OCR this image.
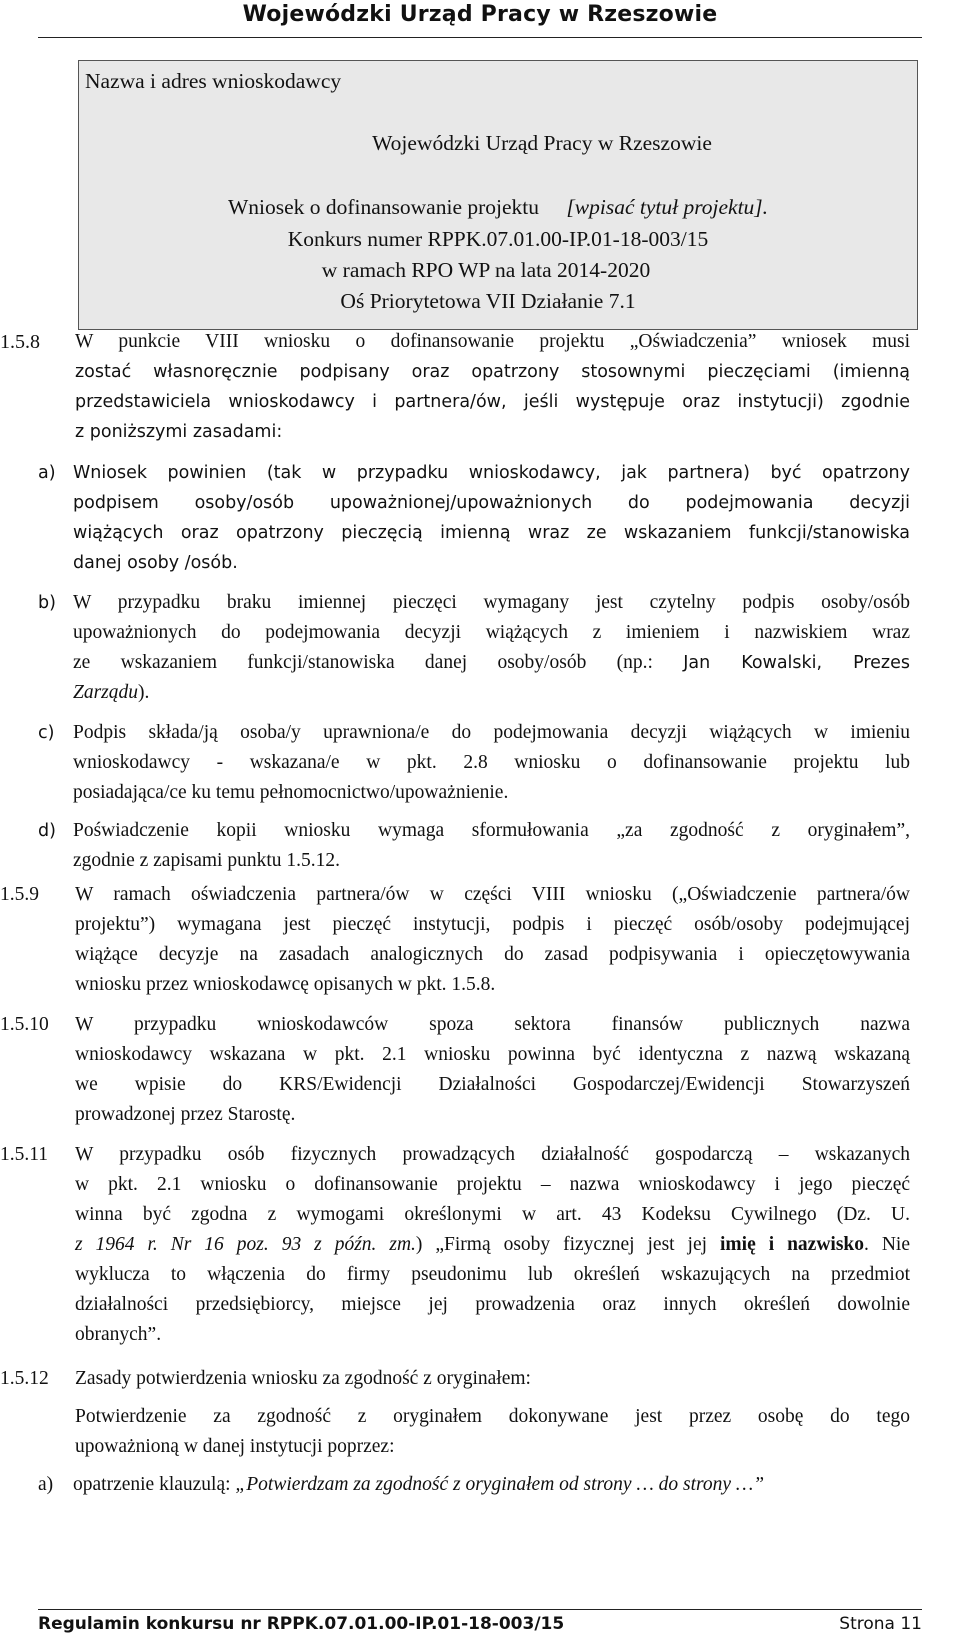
Wojewódzki Urząd Pracy w Rzeszowie
Nazwa i adres wnioskodawcy
Wojewódzki Urząd Pracy w Rzeszowie
Wniosek o dofinansowanie projektu [wpisać tytuł projektu].
Konkurs numer RPPK.07.01.00-IP.01-18-003/15
w ramach RPO WP na lata 2014-2020
Oś Priorytetowa VII Działanie 7.1
1.5.8 W punkcie VIII wniosku o dofinansowanie projektu „Oświadczenia” wniosek musi
zostać własnoręcznie podpisany oraz opatrzony stosownymi pieczęciami (imienną
przedstawiciela wnioskodawcy i partnera/ów, jeśli występuje oraz instytucji) zgodnie
z poniższymi zasadami:
a) Wniosek powinien (tak w przypadku wnioskodawcy, jak partnera) być opatrzony
podpisem osoby/osób upoważnionej/upoważnionych do podejmowania decyzji
wiążących oraz opatrzony pieczęcią imienną wraz ze wskazaniem funkcji/stanowiska
danej osoby /osób.
b) W przypadku braku imiennej pieczęci wymagany jest czytelny podpis osoby/osób
upoważnionych do podejmowania decyzji wiążących z imieniem i nazwiskiem wraz
ze wskazaniem funkcji/stanowiska danej osoby/osób (np.: Jan Kowalski, Prezes
Zarządu).
c) Podpis składa/ją osoba/y uprawniona/e do podejmowania decyzji wiążących w imieniu
wnioskodawcy - wskazana/e w pkt. 2.8 wniosku o dofinansowanie projektu lub
posiadająca/ce ku temu pełnomocnictwo/upoważnienie.
d) Poświadczenie kopii wniosku wymaga sformułowania „za zgodność z oryginałem”,
zgodnie z zapisami punktu 1.5.12.
1.5.9 W ramach oświadczenia partnera/ów w części VIII wniosku („Oświadczenie partnera/ów
projektu”) wymagana jest pieczęć instytucji, podpis i pieczęć osób/osoby podejmującej
wiążące decyzje na zasadach analogicznych do zasad podpisywania i opieczętowywania
wniosku przez wnioskodawcę opisanych w pkt. 1.5.8.
1.5.10 W przypadku wnioskodawców spoza sektora finansów publicznych nazwa
wnioskodawcy wskazana w pkt. 2.1 wniosku powinna być identyczna z nazwą wskazaną
we wpisie do KRS/Ewidencji Działalności Gospodarczej/Ewidencji Stowarzyszeń
prowadzonej przez Starostę.
1.5.11 W przypadku osób fizycznych prowadzących działalność gospodarczą – wskazanych
w pkt. 2.1 wniosku o dofinansowanie projektu – nazwa wnioskodawcy i jego pieczęć
winna być zgodna z wymogami określonymi w art. 43 Kodeksu Cywilnego (Dz. U.
z 1964 r. Nr 16 poz. 93 z późn. zm.) „Firmą osoby fizycznej jest jej imię i nazwisko. Nie
wyklucza to włączenia do firmy pseudonimu lub określeń wskazujących na przedmiot
działalności przedsiębiorcy, miejsce jej prowadzenia oraz innych określeń dowolnie
obranych”.
1.5.12 Zasady potwierdzenia wniosku za zgodność z oryginałem:
Potwierdzenie za zgodność z oryginałem dokonywane jest przez osobę do tego
upoważnioną w danej instytucji poprzez:
a) opatrzenie klauzulą: „Potwierdzam za zgodność z oryginałem od strony … do strony …”
Regulamin konkursu nr RPPK.07.01.00-IP.01-18-003/15	Strona 11
